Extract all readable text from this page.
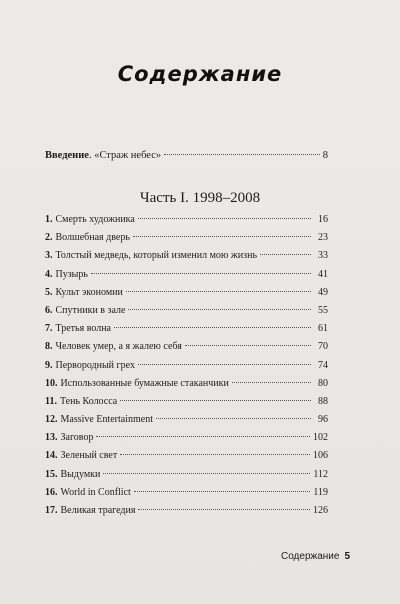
Содержание
Введение . «Страж небес»	8
Часть I. 1998–2008
1. Смерть художника	16
2. Волшебная дверь	23
3. Толстый медведь, который изменил мою жизнь	33
4. Пузырь	41
5. Культ экономии	49
6. Спутники в зале	55
7. Третья волна	61
8. Человек умер, а я жалею себя	70
9. Первородный грех	74
10. Использованные бумажные стаканчики	80
11. Тень Колосса	88
12. Massive Entertainment	96
13. Заговор	102
14. Зеленый свет	106
15. Выдумки	112
16. World in Conflict	119
17. Великая трагедия	126
Содержание 5
